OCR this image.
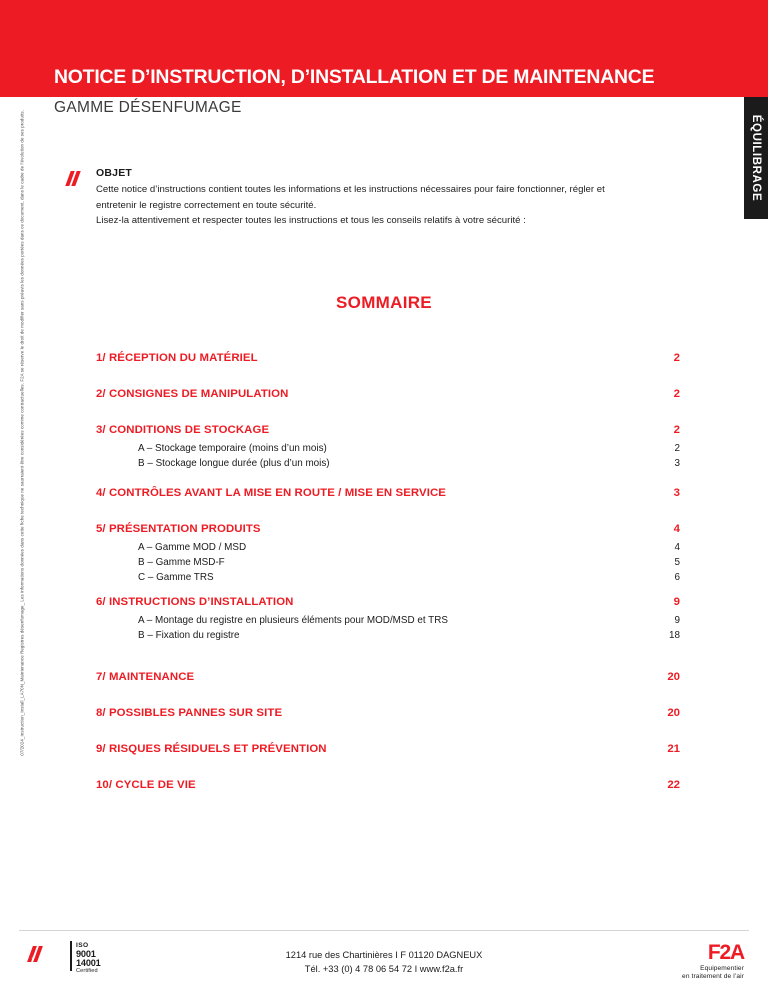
NOTICE D’INSTRUCTION, D’INSTALLATION ET DE MAINTENANCE
GAMME DÉSENFUMAGE
ÉQUILIBRAGE
07/2024_Instruction_Install_LA70N_Maintenance Registres désenfumage_ Les informations données dans cette fiche technique ne saurraient être considérées comme contractuelles. F2A se réserve le droit de modifier sans préavis les données portées dans ce document, dans le cadre de l’évolution de ses produits.	OBJET

Cette notice d’instructions contient toutes les informations et les instructions nécessaires pour faire fonctionner, régler et

entretenir le registre correctement en toute sécurité.

Lisez-la attentivement et respecter toutes les instructions et tous les conseils relatifs à votre sécurité :

SOMMAIRE
1/ RÉCEPTION DU MATÉRIEL	2
2/ CONSIGNES DE MANIPULATION	2
3/ CONDITIONS DE STOCKAGE	2
A – Stockage temporaire (moins d’un mois)	2
B – Stockage longue durée (plus d’un mois)	3
4/ CONTRÔLES AVANT LA MISE EN ROUTE / MISE EN SERVICE	3
5/ PRÉSENTATION PRODUITS	4
A – Gamme MOD / MSD	4
B – Gamme MSD-F	5
C – Gamme TRS	6
6/ INSTRUCTIONS D’INSTALLATION	9
A – Montage du registre en plusieurs éléments pour MOD/MSD et TRS	9
B – Fixation du registre	18
7/ MAINTENANCE	20
8/ POSSIBLES PANNES SUR SITE	20
9/ RISQUES RÉSIDUELS ET PRÉVENTION	21
10/ CYCLE DE VIE	22
F2A
ISO
9001
14001
Certified
1214 rue des Chartinières I F 01120 DAGNEUX
Tél. +33 (0) 4 78 06 54 72 I www.f2a.fr
F2A
Equipementier
en traitement de l’air
